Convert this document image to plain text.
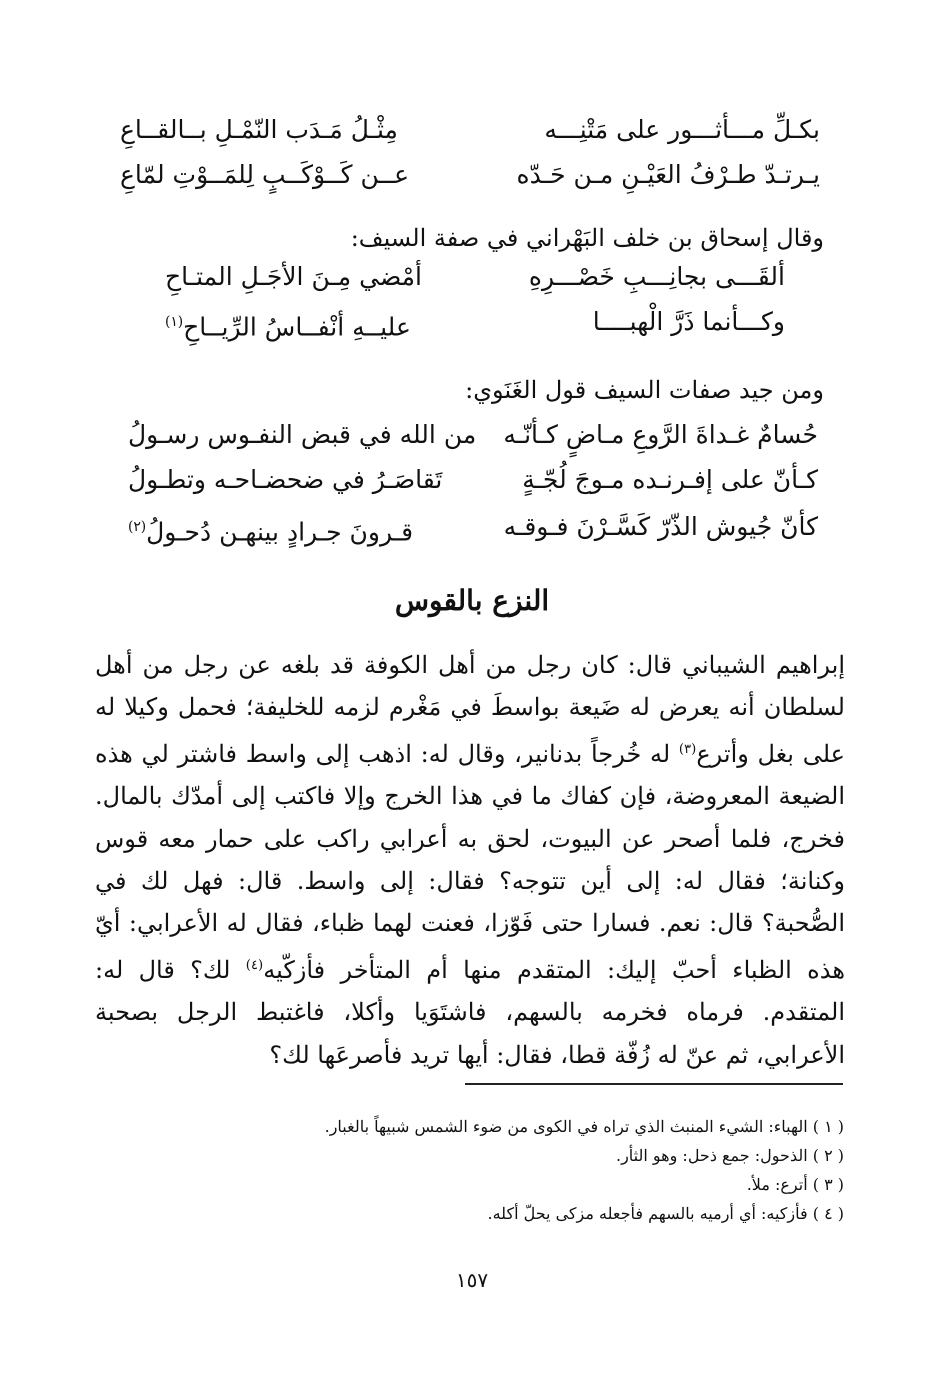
بكـلِّ مـــأثـــور على مَتْنِـــه
مِثْـلُ مَـدَب النّمْـلِ بــالقــاعِ
يـرتـدّ طـرْفُ العَيْـنِ مـن حَـدّه
عــن كَــوْكَــبٍ لِلمَــوْتِ لمّاعِ
وقال إسحاق بن خلف البَهْراني في صفة السيف:
ألقَـــى بجانِـــبِ خَصْـــرِهِ
أمْضي مِـنَ الأجَـلِ المتـاحِ
وكـــأنما ذَرَّ الْهبــــا
عليــهِ أنْفــاسُ الرِّيــاحِ$^{(١)}$
ومن جيد صفات السيف قول الغَنَوي:
حُسامٌ غـداةَ الرَّوعِ مـاضٍ كـأنّـه
من الله في قبض النفـوس رسـولُ
كـأنّ على إفـرنـده مـوجَ لُجّـةٍ
تَقاصَـرُ في ضحضـاحـه وتطـولُ
كأنّ جُيوش الذّرّ كَسَّـرْنَ فـوقـه
قـرونَ جـرادٍ بينهـن دُحـولُ$^{(٢)}$
النزع بالقوس

إبراهيم الشيباني قال: كان رجل من أهل الكوفة قد بلغه عن رجل من أهل لسلطان أنه يعرض له ضَيعة بواسطَ في مَغْرم لزمه للخليفة؛ فحمل وكيلا له على بغل وأترع$^{(٣)}$ له خُرجاً بدنانير، وقال له: اذهب إلى واسط فاشتر لي هذه الضيعة المعروضة، فإن كفاك ما في هذا الخرج وإلا فاكتب إلى أمدّك بالمال. فخرج، فلما أصحر عن البيوت، لحق به أعرابي راكب على حمار معه قوس وكنانة؛ فقال له: إلى أين تتوجه؟ فقال: إلى واسط. قال: فهل لك في الصُّحبة؟ قال: نعم. فسارا حتى فَوّزا، فعنت لهما ظباء، فقال له الأعرابي: أيّ هذه الظباء أحبّ إليك: المتقدم منها أم المتأخر فأزكّيه$^{(٤)}$ لك؟ قال له: المتقدم. فرماه فخرمه بالسهم، فاشتَوَيا وأكلا، فاغتبط الرجل بصحبة الأعرابي، ثم عنّ له زُفّة قطا، فقال: أيها تريد فأصرعَها لك؟

( ١ ) الهباء: الشيء المنبث الذي تراه في الكوى من ضوء الشمس شبيهاً بالغبار.
( ٢ ) الذحول: جمع ذحل: وهو الثأر.
( ٣ ) أترع: ملأ.
( ٤ ) فأزكيه: أي أرميه بالسهم فأجعله مزكى يحلّ أكله.
١٥٧
